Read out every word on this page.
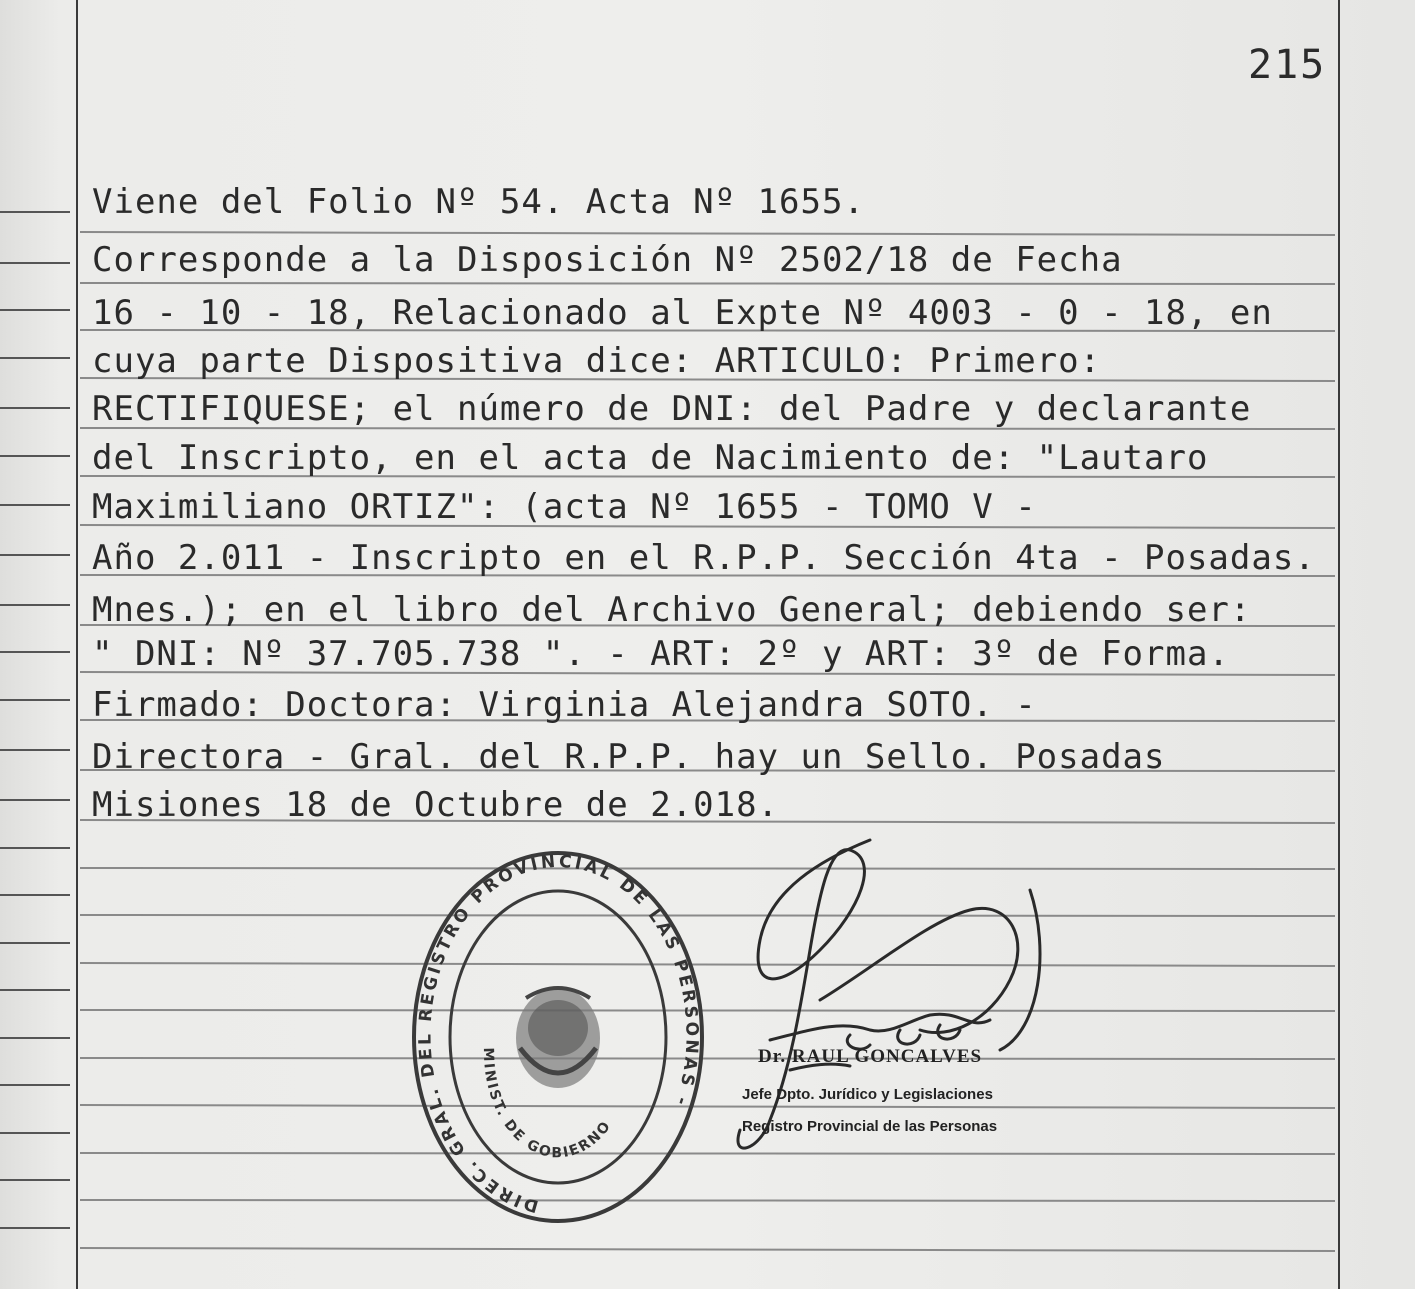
215
Viene del Folio Nº 54. Acta Nº 1655.
Corresponde a la Disposición Nº 2502/18 de Fecha
16 - 10 - 18, Relacionado al Expte Nº 4003 - 0 - 18, en
cuya parte Dispositiva dice: ARTICULO: Primero:
RECTIFIQUESE; el número de DNI: del Padre y declarante
del Inscripto, en el acta de Nacimiento de: "Lautaro
Maximiliano ORTIZ": (acta Nº 1655 - TOMO V -
Año 2.011 - Inscripto en el R.P.P. Sección 4ta - Posadas.
Mnes.); en el libro del Archivo General; debiendo ser:
" DNI: Nº 37.705.738 ". - ART: 2º y ART: 3º de Forma.
Firmado: Doctora: Virginia Alejandra SOTO. -
Directora - Gral. del R.P.P. hay un Sello. Posadas
Misiones 18 de Octubre de 2.018.
DIREC. GRAL. DEL REGISTRO PROVINCIAL DE LAS PERSONAS -
MINIST. DE GOBIERNO
Dr. RAUL GONCALVES
Jefe Dpto. Jurídico y Legislaciones
Registro Provincial de las Personas
